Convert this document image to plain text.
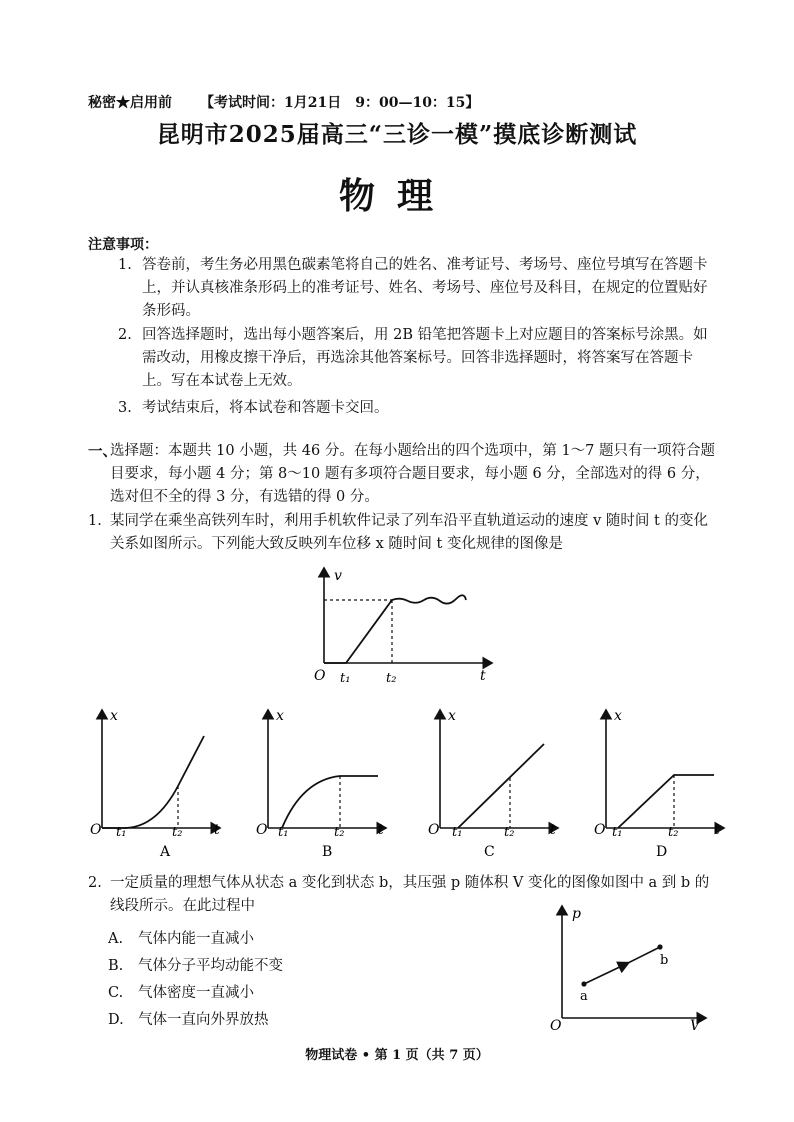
秘密★启用前 【考试时间：1月21日　9：00—10：15】
昆明市2025届高三“三诊一模”摸底诊断测试
物理
注意事项：
1. 答卷前，考生务必用黑色碳素笔将自己的姓名、准考证号、考场号、座位号填写在答题卡上，并认真核准条形码上的准考证号、姓名、考场号、座位号及科目，在规定的位置贴好条形码。
2. 回答选择题时，选出每小题答案后，用 2B 铅笔把答题卡上对应题目的答案标号涂黑。如需改动，用橡皮擦干净后，再选涂其他答案标号。回答非选择题时，将答案写在答题卡上。写在本试卷上无效。
3. 考试结束后，将本试卷和答题卡交回。
一、
选择题：本题共 10 小题，共 46 分。在每小题给出的四个选项中，第 1～7 题只有一项符合题目要求，每小题 4 分；第 8～10 题有多项符合题目要求，每小题 6 分，全部选对的得 6 分，选对但不全的得 3 分，有选错的得 0 分。
1. 某同学在乘坐高铁列车时，利用手机软件记录了列车沿平直轨道运动的速度 v 随时间 t 的变化关系如图所示。下列能大致反映列车位移 x 随时间 t 变化规律的图像是
v
O t₁	t₂	t
x
O t₁	t₂ t
A
x
O t₁	t₂ t
B
x
O t₁	t₂	t
C
x
O t₁	t₂	t
D
2. 一定质量的理想气体从状态 a 变化到状态 b，其压强 p 随体积 V 变化的图像如图中 a 到 b 的线段所示。在此过程中
A. 气体内能一直减小
B. 气体分子平均动能不变
C. 气体密度一直减小
D. 气体一直向外界放热
p
O	V
a
b
物理试卷 • 第 1 页（共 7 页）
